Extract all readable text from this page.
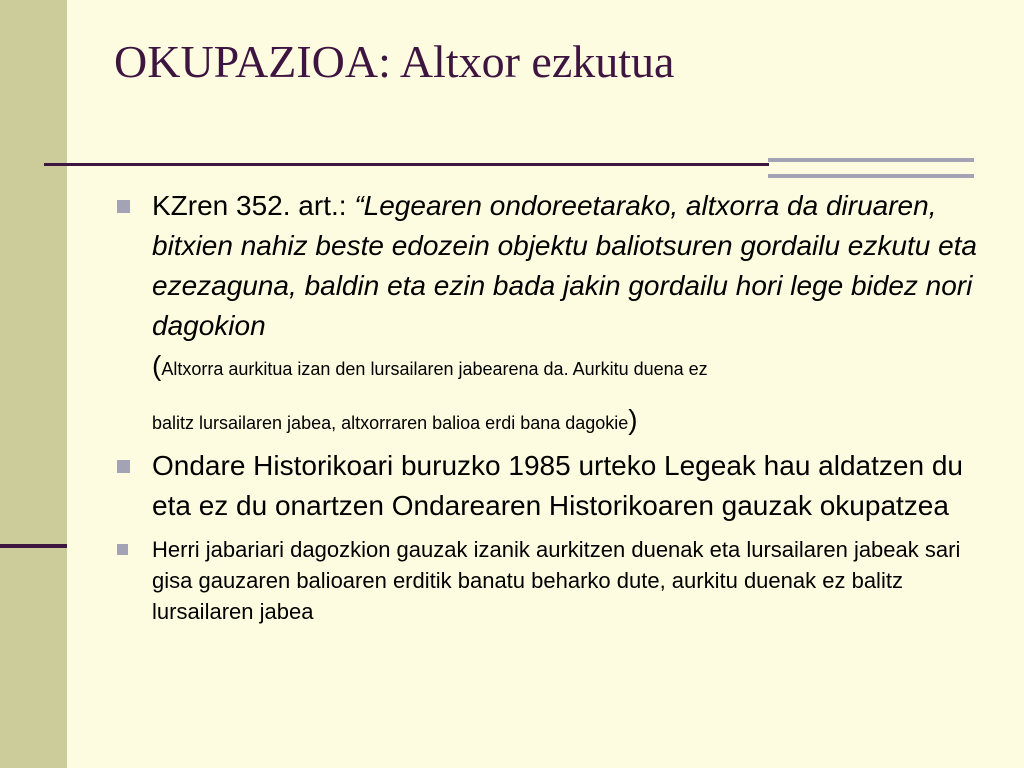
OKUPAZIOA: Altxor ezkutua
KZren 352. art.: “Legearen ondoreetarako, altxorra da diruaren, bitxien nahiz beste edozein objektu baliotsuren gordailu ezkutu eta ezezaguna, baldin eta ezin bada jakin gordailu hori lege bidez nori dagokion
(Altxorra aurkitua izan den lursailaren jabearena da. Aurkitu duena ez
balitz lursailaren jabea, altxorraren balioa erdi bana dagokie)
Ondare Historikoari buruzko 1985 urteko Legeak hau aldatzen du eta ez du onartzen Ondarearen Historikoaren gauzak okupatzea
Herri jabariari dagozkion gauzak izanik aurkitzen duenak eta lursailaren jabeak sari gisa gauzaren balioaren erditik banatu beharko dute, aurkitu duenak ez balitz lursailaren jabea
